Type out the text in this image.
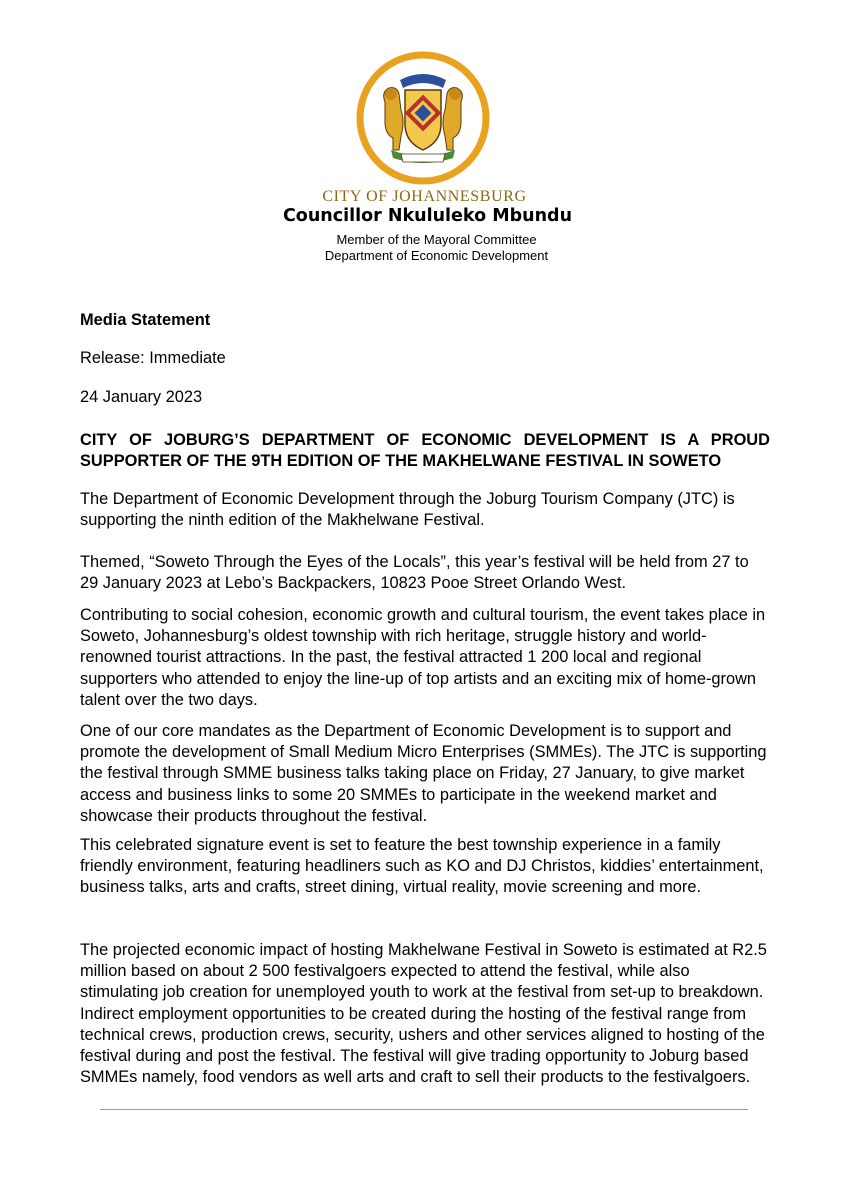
CITY OF JOHANNESBURG
Councillor Nkululeko Mbundu
Member of the Mayoral Committee
Department of Economic Development
Media Statement
Release: Immediate
24 January 2023
CITY OF JOBURG’S DEPARTMENT OF ECONOMIC DEVELOPMENT IS A PROUD SUPPORTER OF THE 9TH EDITION OF THE MAKHELWANE FESTIVAL IN SOWETO
The Department of Economic Development through the Joburg Tourism Company (JTC) is supporting the ninth edition of the Makhelwane Festival.
Themed, “Soweto Through the Eyes of the Locals”, this year’s festival will be held from 27 to 29 January 2023 at Lebo’s Backpackers, 10823 Pooe Street Orlando West.
Contributing to social cohesion, economic growth and cultural tourism, the event takes place in Soweto, Johannesburg’s oldest township with rich heritage, struggle history and world-renowned tourist attractions. In the past, the festival attracted 1 200 local and regional supporters who attended to enjoy the line-up of top artists and an exciting mix of home-grown talent over the two days.
One of our core mandates as the Department of Economic Development is to support and promote the development of Small Medium Micro Enterprises (SMMEs). The JTC is supporting the festival through SMME business talks taking place on Friday, 27 January, to give market access and business links to some 20 SMMEs to participate in the weekend market and showcase their products throughout the festival.
This celebrated signature event is set to feature the best township experience in a family friendly environment, featuring headliners such as KO and DJ Christos, kiddies’ entertainment, business talks, arts and crafts, street dining, virtual reality, movie screening and more.
The projected economic impact of hosting Makhelwane Festival in Soweto is estimated at R2.5 million based on about 2 500 festivalgoers expected to attend the festival, while also stimulating job creation for unemployed youth to work at the festival from set-up to breakdown. Indirect employment opportunities to be created during the hosting of the festival range from technical crews, production crews, security, ushers and other services aligned to hosting of the festival during and post the festival. The festival will give trading opportunity to Joburg based SMMEs namely, food vendors as well arts and craft to sell their products to the festivalgoers.
